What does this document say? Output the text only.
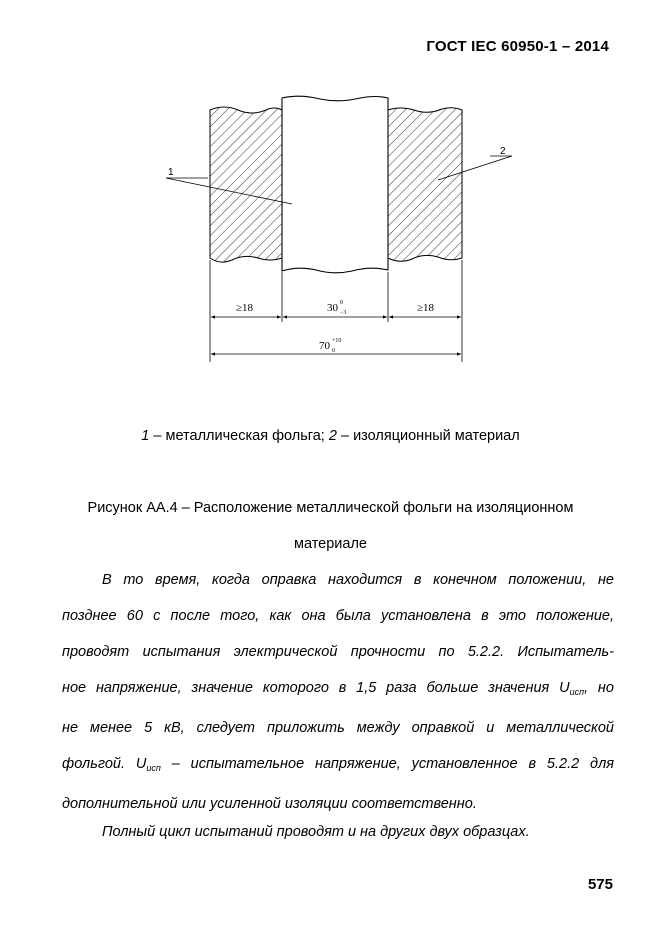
ГОСТ IEC 60950-1 – 2014
1
2
≥18	30 0
−3	≥18
70 +10
0
1 – металлическая фольга; 2 – изоляционный материал
Рисунок АА.4 – Расположение металлической фольги на изоляционном
материале
В то время, когда оправка находится в конечном положении, не
позднее 60 с после того, как она была установлена в это положение,
проводят испытания электрической прочности по 5.2.2. Испытатель-
ное напряжение, значение которого в 1,5 раза больше значения $U_{исп}$, но
не менее 5 кВ, следует приложить между оправкой и металлической
фольгой. $U_{исп}$ – испытательное напряжение, установленное в 5.2.2 для
дополнительной или усиленной изоляции соответственно.
Полный цикл испытаний проводят и на других двух образцах.
575
